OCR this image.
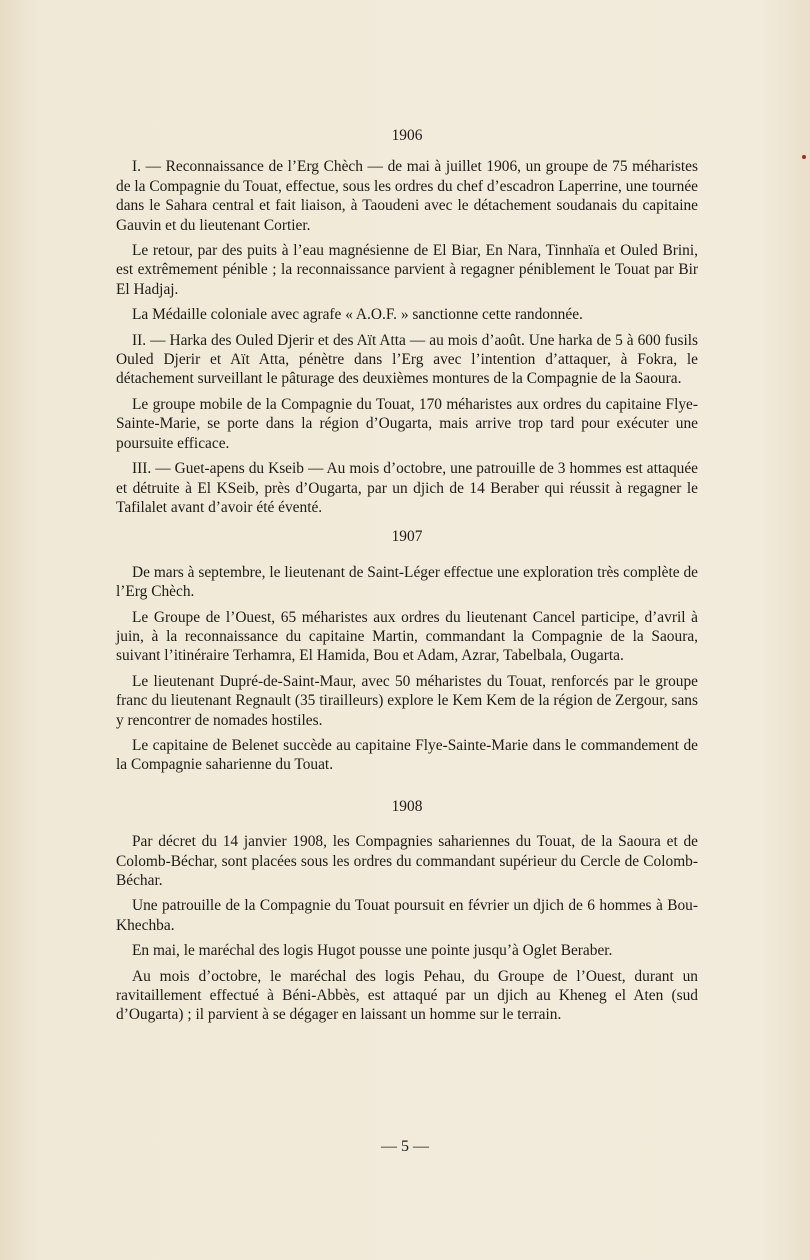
1906

I. — Reconnaissance de l’Erg Chèch — de mai à juillet 1906, un groupe de 75 méharistes de la Compagnie du Touat, effectue, sous les ordres du chef d’escadron Laperrine, une tournée dans le Sahara central et fait liaison, à Taoudeni avec le détachement soudanais du capitaine Gauvin et du lieutenant Cortier.

Le retour, par des puits à l’eau magnésienne de El Biar, En Nara, Tinnhaïa et Ouled Brini, est extrêmement pénible ; la reconnaissance parvient à regagner péniblement le Touat par Bir El Hadjaj.

La Médaille coloniale avec agrafe « A.O.F. » sanctionne cette randonnée.

II. — Harka des Ouled Djerir et des Aït Atta — au mois d’août. Une harka de 5 à 600 fusils Ouled Djerir et Aït Atta, pénètre dans l’Erg avec l’intention d’attaquer, à Fokra, le détachement surveillant le pâturage des deuxièmes montures de la Compagnie de la Saoura.

Le groupe mobile de la Compagnie du Touat, 170 méharistes aux ordres du capitaine Flye-Sainte-Marie, se porte dans la région d’Ougarta, mais arrive trop tard pour exécuter une poursuite efficace.

III. — Guet-apens du Kseib — Au mois d’octobre, une patrouille de 3 hommes est attaquée et détruite à El KSeib, près d’Ougarta, par un djich de 14 Beraber qui réussit à regagner le Tafilalet avant d’avoir été éventé.

1907

De mars à septembre, le lieutenant de Saint-Léger effectue une exploration très complète de l’Erg Chèch.

Le Groupe de l’Ouest, 65 méharistes aux ordres du lieutenant Cancel participe, d’avril à juin, à la reconnaissance du capitaine Martin, commandant la Compagnie de la Saoura, suivant l’itinéraire Terhamra, El Hamida, Bou et Adam, Azrar, Tabelbala, Ougarta.

Le lieutenant Dupré-de-Saint-Maur, avec 50 méharistes du Touat, renforcés par le groupe franc du lieutenant Regnault (35 tirailleurs) explore le Kem Kem de la région de Zergour, sans y rencontrer de nomades hostiles.

Le capitaine de Belenet succède au capitaine Flye-Sainte-Marie dans le commandement de la Compagnie saharienne du Touat.

1908

Par décret du 14 janvier 1908, les Compagnies sahariennes du Touat, de la Saoura et de Colomb-Béchar, sont placées sous les ordres du commandant supérieur du Cercle de Colomb-Béchar.

Une patrouille de la Compagnie du Touat poursuit en février un djich de 6 hommes à Bou-Khechba.

En mai, le maréchal des logis Hugot pousse une pointe jusqu’à Oglet Beraber.

Au mois d’octobre, le maréchal des logis Pehau, du Groupe de l’Ouest, durant un ravitaillement effectué à Béni-Abbès, est attaqué par un djich au Kheneg el Aten (sud d’Ougarta) ; il parvient à se dégager en laissant un homme sur le terrain.

— 5 —
